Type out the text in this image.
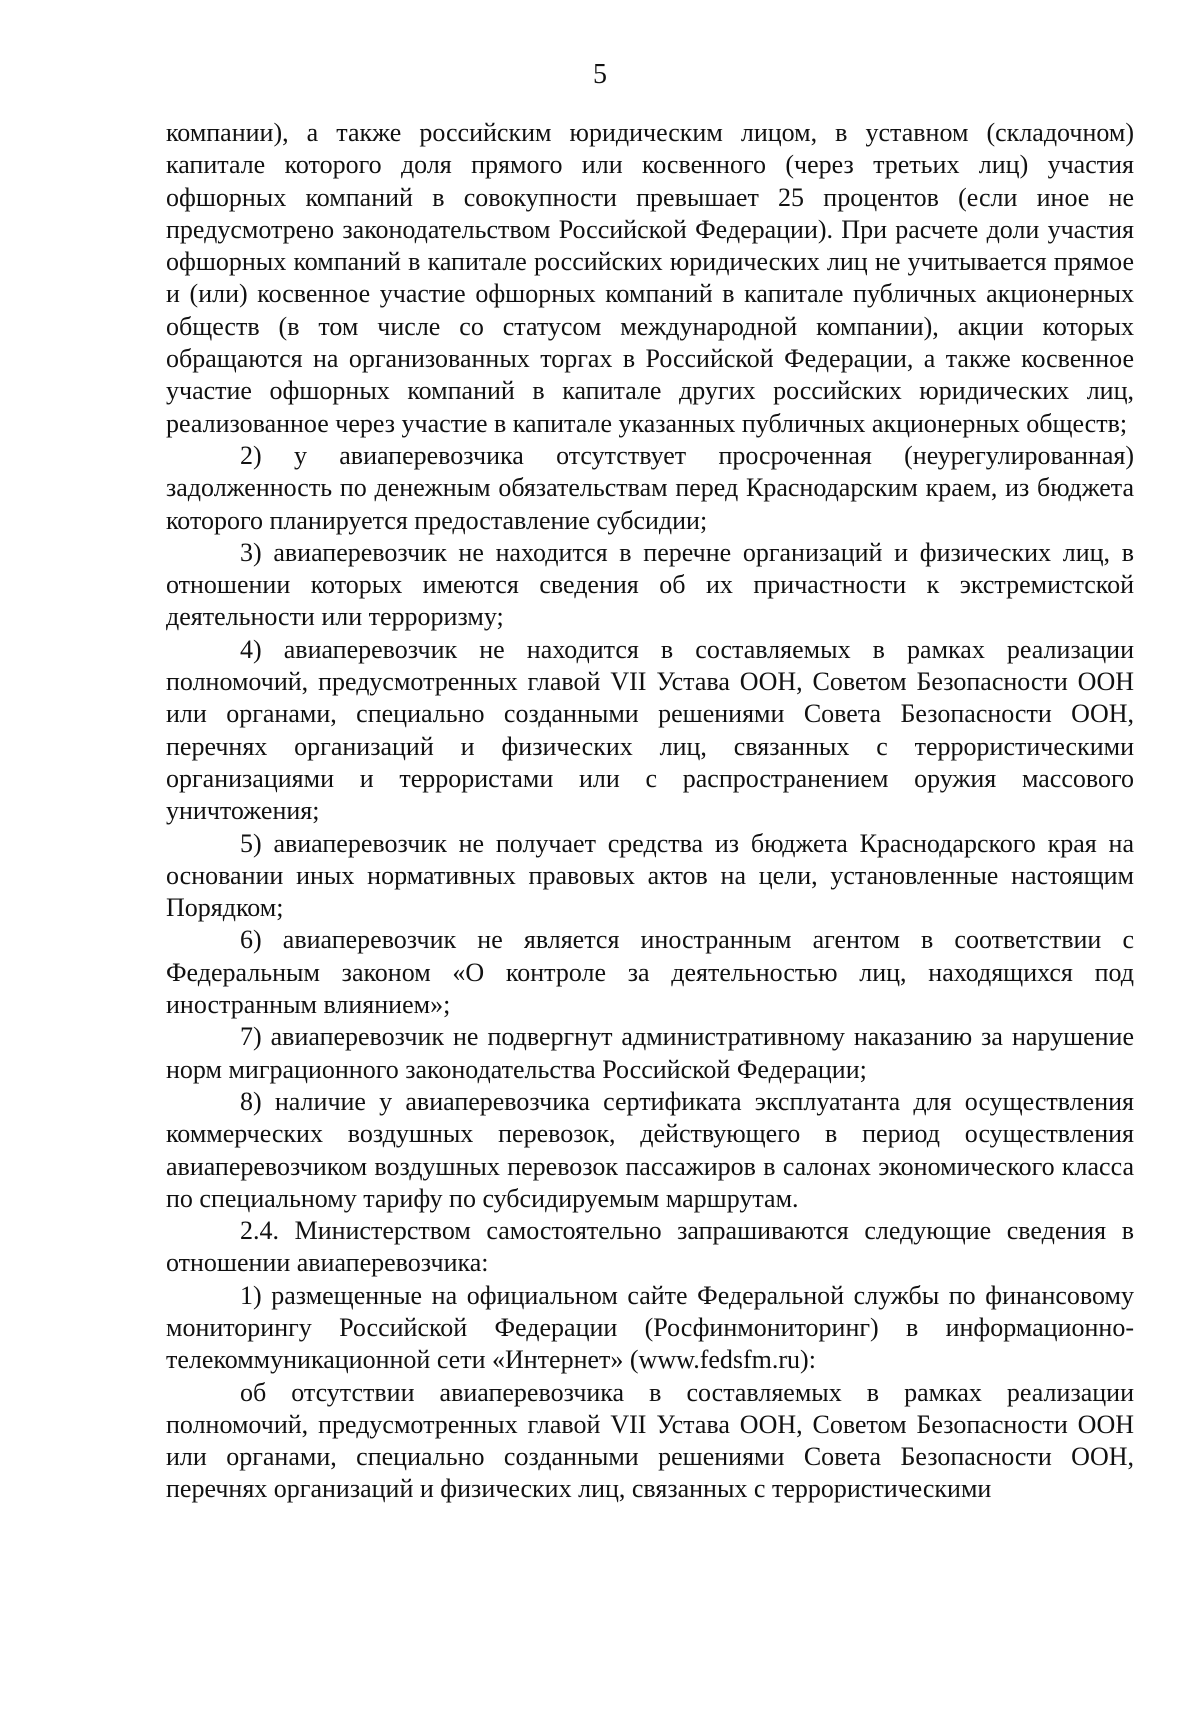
5

компании), а также российским юридическим лицом, в уставном (складочном) капитале которого доля прямого или косвенного (через третьих лиц) участия офшорных компаний в совокупности превышает 25 процентов (если иное не предусмотрено законодательством Российской Федерации). При расчете доли участия офшорных компаний в капитале российских юридических лиц не учитывается прямое и (или) косвенное участие офшорных компаний в капитале публичных акционерных обществ (в том числе со статусом международной компании), акции которых обращаются на организованных торгах в Российской Федерации, а также косвенное участие офшорных компаний в капитале других российских юридических лиц, реализованное через участие в капитале указанных публичных акционерных обществ;

2) у авиаперевозчика отсутствует просроченная (неурегулированная) задолженность по денежным обязательствам перед Краснодарским краем, из бюджета которого планируется предоставление субсидии;

3) авиаперевозчик не находится в перечне организаций и физических лиц, в отношении которых имеются сведения об их причастности к экстремистской деятельности или терроризму;

4) авиаперевозчик не находится в составляемых в рамках реализации полномочий, предусмотренных главой VII Устава ООН, Советом Безопасности ООН или органами, специально созданными решениями Совета Безопасности ООН, перечнях организаций и физических лиц, связанных с террористическими организациями и террористами или с распространением оружия массового уничтожения;

5) авиаперевозчик не получает средства из бюджета Краснодарского края на основании иных нормативных правовых актов на цели, установленные настоящим Порядком;

6) авиаперевозчик не является иностранным агентом в соответствии с Федеральным законом «О контроле за деятельностью лиц, находящихся под иностранным влиянием»;

7) авиаперевозчик не подвергнут административному наказанию за нарушение норм миграционного законодательства Российской Федерации;

8) наличие у авиаперевозчика сертификата эксплуатанта для осуществления коммерческих воздушных перевозок, действующего в период осуществления авиаперевозчиком воздушных перевозок пассажиров в салонах экономического класса по специальному тарифу по субсидируемым маршрутам.

2.4. Министерством самостоятельно запрашиваются следующие сведения в отношении авиаперевозчика:

1) размещенные на официальном сайте Федеральной службы по финансовому мониторингу Российской Федерации (Росфинмониторинг) в информационно-телекоммуникационной сети «Интернет» (www.fedsfm.ru):

об отсутствии авиаперевозчика в составляемых в рамках реализации полномочий, предусмотренных главой VII Устава ООН, Советом Безопасности ООН или органами, специально созданными решениями Совета Безопасности ООН, перечнях организаций и физических лиц, связанных с террористическими
